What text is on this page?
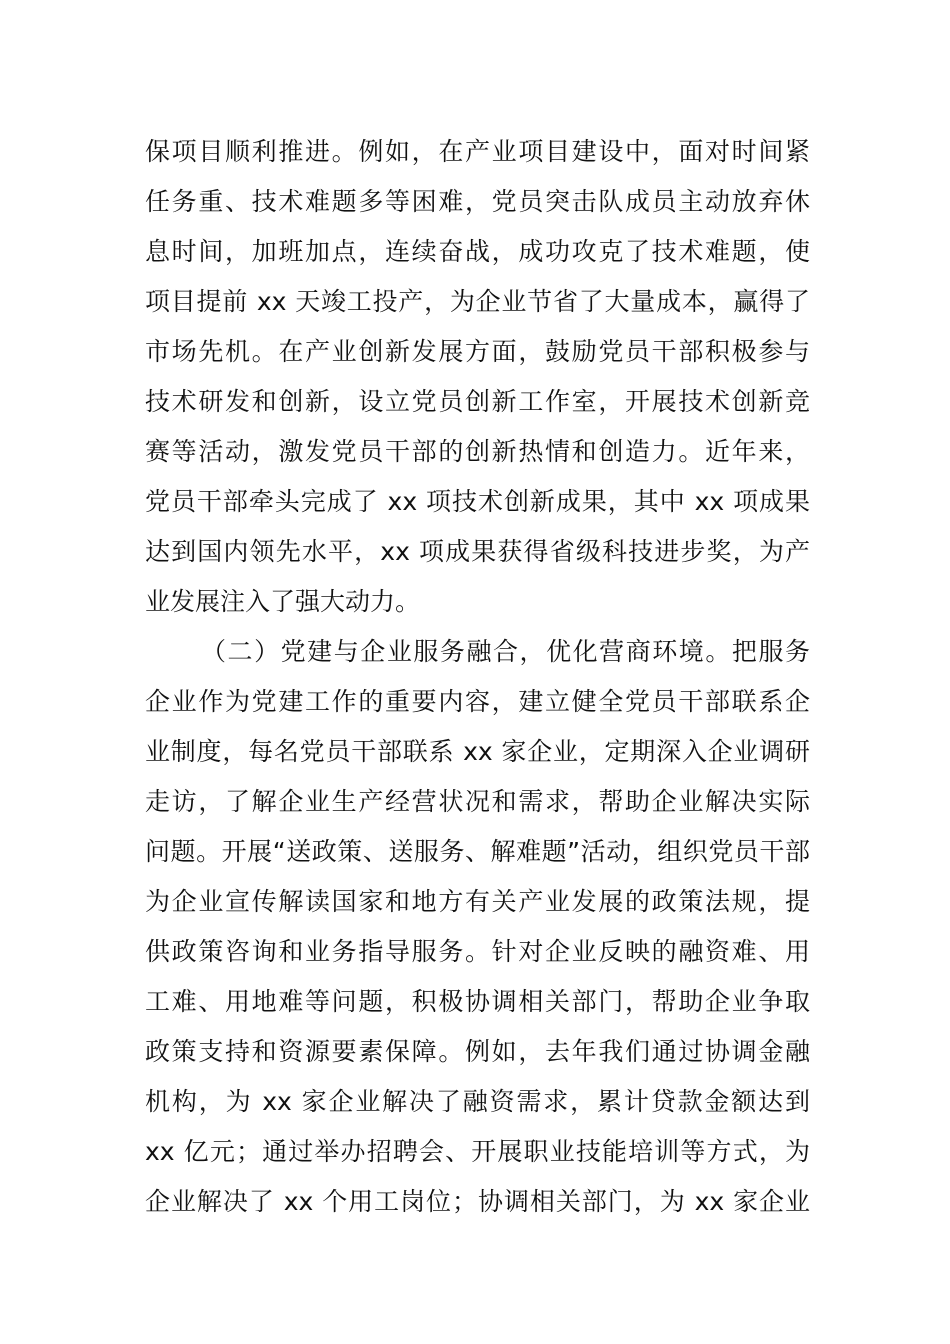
保项目顺利推进。例如，在产业项目建设中，面对时间紧
任务重、技术难题多等困难，党员突击队成员主动放弃休
息时间，加班加点，连续奋战，成功攻克了技术难题，使
项目提前 xx 天竣工投产，为企业节省了大量成本，赢得了
市场先机。在产业创新发展方面，鼓励党员干部积极参与
技术研发和创新，设立党员创新工作室，开展技术创新竞
赛等活动，激发党员干部的创新热情和创造力。近年来，
党员干部牵头完成了 xx 项技术创新成果，其中 xx 项成果
达到国内领先水平，xx 项成果获得省级科技进步奖，为产
业发展注入了强大动力。
（二）党建与企业服务融合，优化营商环境。把服务
企业作为党建工作的重要内容，建立健全党员干部联系企
业制度，每名党员干部联系 xx 家企业，定期深入企业调研
走访，了解企业生产经营状况和需求，帮助企业解决实际
问题。开展“送政策、送服务、解难题”活动，组织党员干部
为企业宣传解读国家和地方有关产业发展的政策法规，提
供政策咨询和业务指导服务。针对企业反映的融资难、用
工难、用地难等问题，积极协调相关部门，帮助企业争取
政策支持和资源要素保障。例如，去年我们通过协调金融
机构，为 xx 家企业解决了融资需求，累计贷款金额达到
xx 亿元；通过举办招聘会、开展职业技能培训等方式，为
企业解决了 xx 个用工岗位；协调相关部门，为 xx 家企业
